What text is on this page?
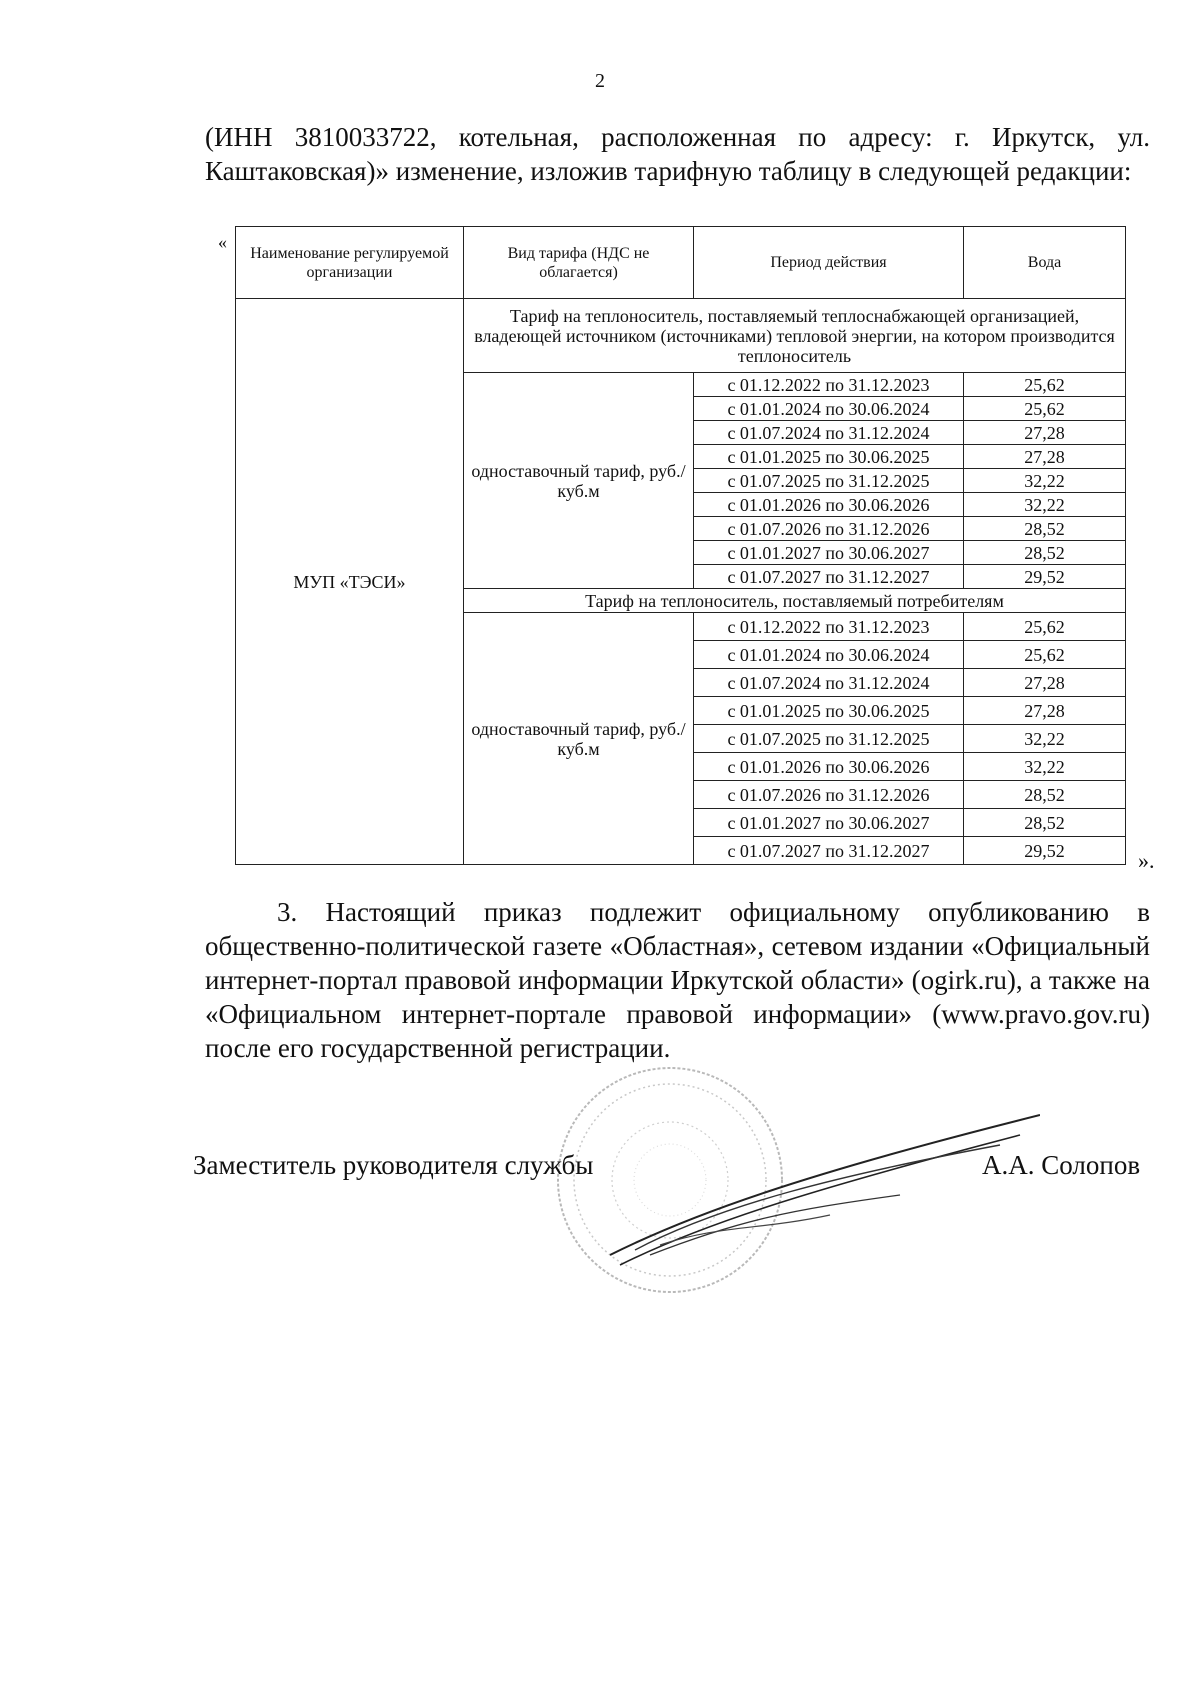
2
(ИНН 3810033722, котельная, расположенная по адресу: г. Иркутск, ул. Каштаковская)» изменение, изложив тарифную таблицу в следующей редакции:
«
Наименование регулируемой организации	Вид тарифа (НДС не облагается)	Период действия	Вода
МУП «ТЭСИ»	Тариф на теплоноситель, поставляемый теплоснабжающей организацией, владеющей источником (источниками) тепловой энергии, на котором производится теплоноситель		
	одноставочный тариф, руб./куб.м	с 01.12.2022 по 31.12.2023	25,62
		с 01.01.2024 по 30.06.2024	25,62
		с 01.07.2024 по 31.12.2024	27,28
		с 01.01.2025 по 30.06.2025	27,28
		с 01.07.2025 по 31.12.2025	32,22
		с 01.01.2026 по 30.06.2026	32,22
		с 01.07.2026 по 31.12.2026	28,52
		с 01.01.2027 по 30.06.2027	28,52
		с 01.07.2027 по 31.12.2027	29,52
	Тариф на теплоноситель, поставляемый потребителям		
	одноставочный тариф, руб./куб.м	с 01.12.2022 по 31.12.2023	25,62
		с 01.01.2024 по 30.06.2024	25,62
		с 01.07.2024 по 31.12.2024	27,28
		с 01.01.2025 по 30.06.2025	27,28
		с 01.07.2025 по 31.12.2025	32,22
		с 01.01.2026 по 30.06.2026	32,22
		с 01.07.2026 по 31.12.2026	28,52
		с 01.01.2027 по 30.06.2027	28,52
		с 01.07.2027 по 31.12.2027	29,52	».
3. Настоящий приказ подлежит официальному опубликованию в общественно-политической газете «Областная», сетевом издании «Официальный интернет-портал правовой информации Иркутской области» (ogirk.ru), а также на «Официальном интернет-портале правовой информации» (www.pravo.gov.ru) после его государственной регистрации.
Заместитель руководителя службы	А.А. Солопов
